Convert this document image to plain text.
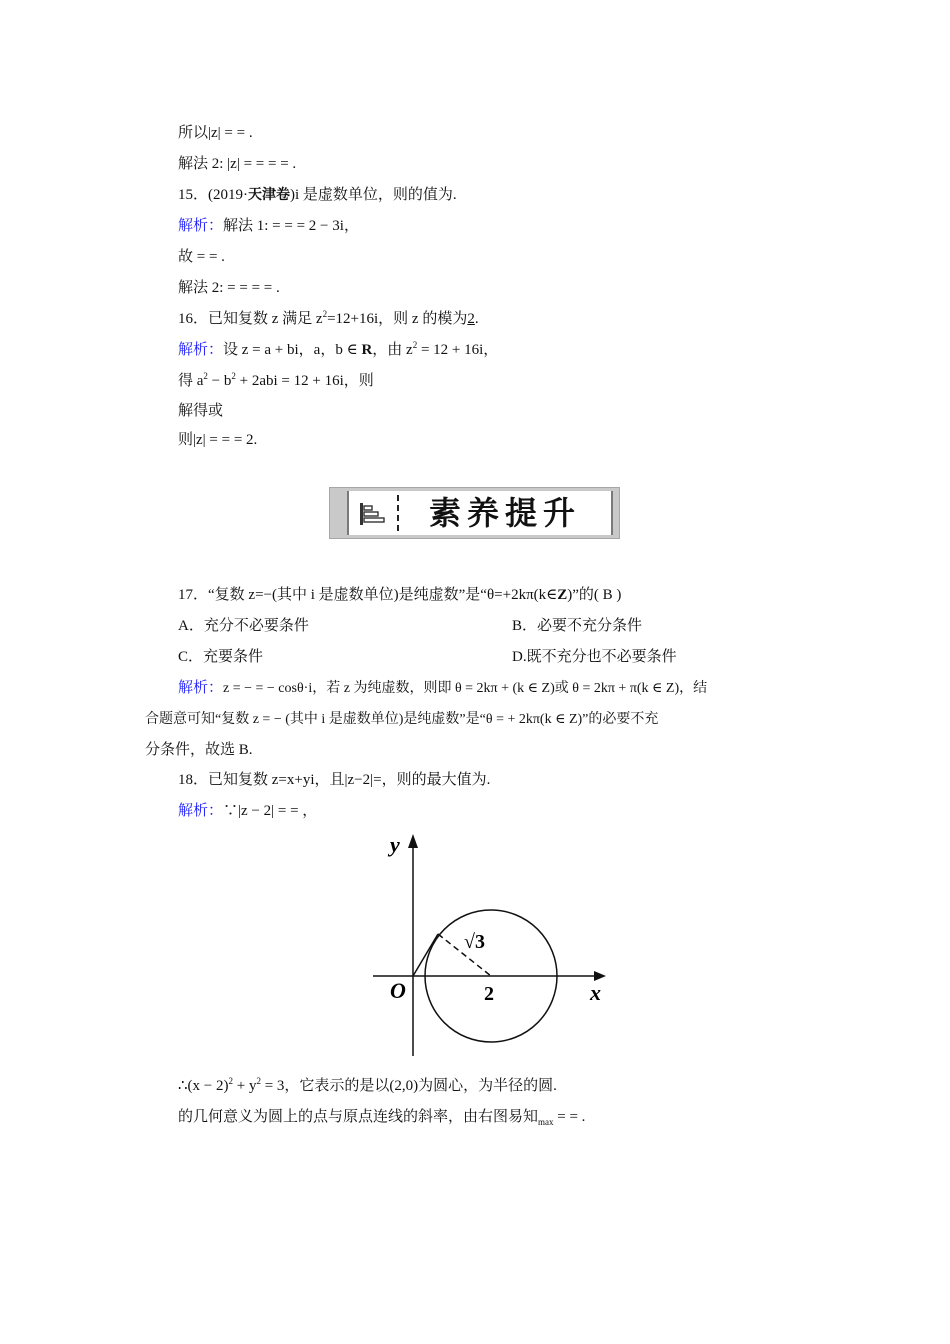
所以|z| = = .
解法 2: |z| = = = = .
15．(2019·天津卷)i 是虚数单位，则的值为.
解析：解法 1: = = = 2 − 3i，
故 = = .
解法 2: = = = = .
16．已知复数 z 满足 $z^2=12+16i$，则 z 的模为2.
解析：设 z = a + bi，a，b ∈ R，由 $z^2 = 12 + 16i$，
得 $a^2 - b^2 + 2abi = 12 + 16i$，则
解得或
则|z| = = = 2.
素养提升
17．“复数 z=−(其中 i 是虚数单位)是纯虚数”是“θ=+2kπ(k∈Z)”的( B )
A．充分不必要条件	B．必要不充分条件
C．充要条件	D.既不充分也不必要条件
解析：z = − = − cosθ·i，若 z 为纯虚数，则即 θ = 2kπ + (k ∈ Z)或 θ = 2kπ + π(k ∈ Z)，结
合题意可知“复数 z = − (其中 i 是虚数单位)是纯虚数”是“θ = + 2kπ(k ∈ Z)”的必要不充
分条件，故选 B.
18．已知复数 z=x+yi，且|z−2|=，则的最大值为.
解析：∵|z − 2| = = ，
y
x
O	2
√3
∴(x − $2)^2 + y^2 = 3$，它表示的是以(2,0)为圆心，为半径的圆.
的几何意义为圆上的点与原点连线的斜率，由右图易知$_{max}$ = = .
